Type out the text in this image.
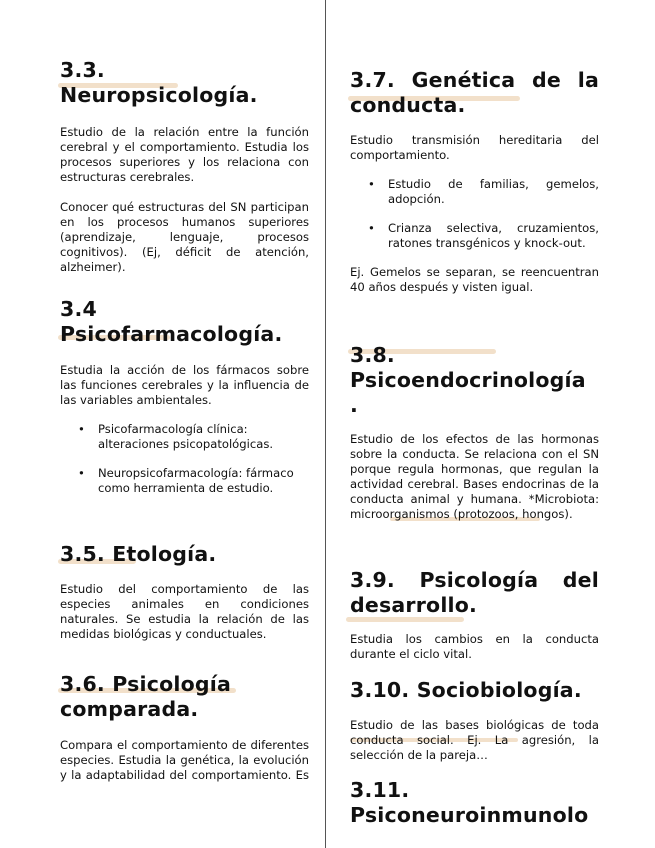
3.3.
Neuropsicología.

Estudio de la relación entre la función cerebral y el comportamiento. Estudia los procesos superiores y los relaciona con estructuras cerebrales.

Conocer qué estructuras del SN participan en los procesos humanos superiores (aprendizaje, lenguaje, procesos cognitivos). (Ej, déficit de atención, alzheimer).

3.4
Psicofarmacología.

Estudia la acción de los fármacos sobre las funciones cerebrales y la influencia de las variables ambientales.

• Psicofarmacología clínica: alteraciones psicopatológicas.
• Neuropsicofarmacología: fármaco como herramienta de estudio.
3.5. Etología.

Estudio del comportamiento de las especies animales en condiciones naturales. Se estudia la relación de las medidas biológicas y conductuales.

3.6. Psicología
comparada.

Compara el comportamiento de diferentes especies. Estudia la genética, la evolución y la adaptabilidad del comportamiento. Es

3.7. Genética de la
conducta.

Estudio transmisión hereditaria del comportamiento.

• Estudio de familias, gemelos, adopción.
• Crianza selectiva, cruzamientos, ratones transgénicos y knock-out.

Ej. Gemelos se separan, se reencuentran 40 años después y visten igual.

3.8.
Psicoendocrinología
.

Estudio de los efectos de las hormonas sobre la conducta. Se relaciona con el SN porque regula hormonas, que regulan la actividad cerebral. Bases endocrinas de la conducta animal y humana. *Microbiota: microorganismos (protozoos, hongos).

3.9. Psicología del
desarrollo.

Estudia los cambios en la conducta durante el ciclo vital.

3.10. Sociobiología.

Estudio de las bases biológicas de toda conducta social. Ej. La agresión, la selección de la pareja…

3.11.
Psiconeuroinmunolo
